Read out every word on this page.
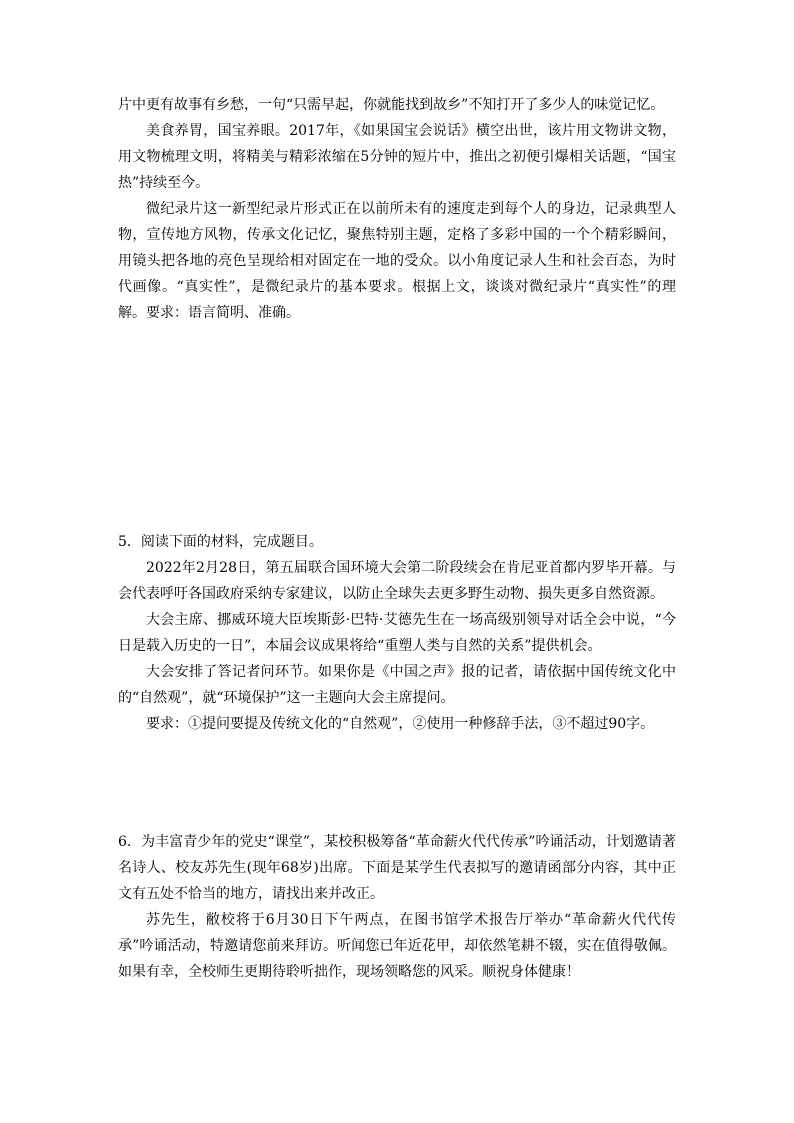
片中更有故事有乡愁，一句“只需早起，你就能找到故乡”不知打开了多少人的味觉记忆。

美食养胃，国宝养眼。2017年，《如果国宝会说话》横空出世，该片用文物讲文物，用文物梳理文明，将精美与精彩浓缩在5分钟的短片中，推出之初便引爆相关话题，“国宝热”持续至今。

微纪录片这一新型纪录片形式正在以前所未有的速度走到每个人的身边，记录典型人物，宣传地方风物，传承文化记忆，聚焦特别主题，定格了多彩中国的一个个精彩瞬间，用镜头把各地的亮色呈现给相对固定在一地的受众。以小角度记录人生和社会百态，为时代画像。“真实性”，是微纪录片的基本要求。根据上文，谈谈对微纪录片“真实性”的理解。要求：语言简明、准确。

5．阅读下面的材料，完成题目。

2022年2月28日，第五届联合国环境大会第二阶段续会在肯尼亚首都内罗毕开幕。与会代表呼吁各国政府采纳专家建议，以防止全球失去更多野生动物、损失更多自然资源。

大会主席、挪威环境大臣埃斯彭·巴特·艾德先生在一场高级别领导对话全会中说，“今日是载入历史的一日”，本届会议成果将给“重塑人类与自然的关系”提供机会。

大会安排了答记者问环节。如果你是《中国之声》报的记者，请依据中国传统文化中的“自然观”，就“环境保护”这一主题向大会主席提问。

要求：①提问要提及传统文化的“自然观”，②使用一种修辞手法，③不超过90字。

6．为丰富青少年的党史“课堂”，某校积极筹备“革命薪火代代传承”吟诵活动，计划邀请著名诗人、校友苏先生(现年68岁)出席。下面是某学生代表拟写的邀请函部分内容，其中正文有五处不恰当的地方，请找出来并改正。

苏先生，敝校将于6月30日下午两点，在图书馆学术报告厅举办“革命薪火代代传承”吟诵活动，特邀请您前来拜访。听闻您已年近花甲，却依然笔耕不辍，实在值得敬佩。如果有幸，全校师生更期待聆听拙作，现场领略您的风采。顺祝身体健康！
